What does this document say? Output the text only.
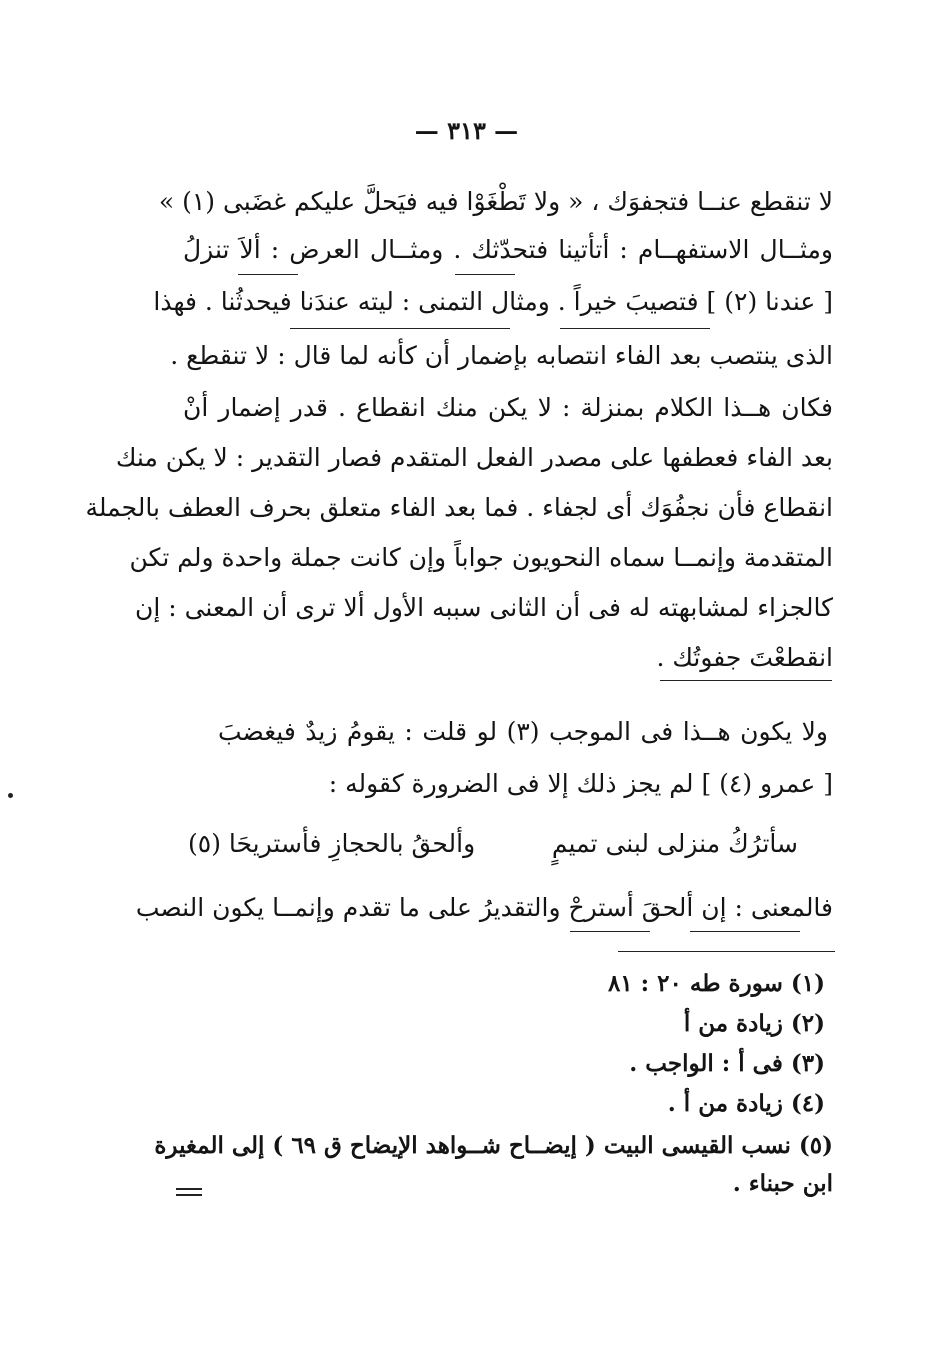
— ٣١٣ —
لا تنقطع عنــا فتجفوَك ، « ولا تَطْغَوْا فيه فيَحلَّ عليكم غضَبى (١) »
ومثــال الاستفهــام : أتأتينا فتحدّثك . ومثــال العرض : ألاَ تنزلُ
[ عندنا (٢) ] فتصيبَ خيراً . ومثال التمنى : ليته عندَنا فيحدثُنا . فهذا
الذى ينتصب بعد الفاء انتصابه بإضمار أن كأنه لما قال : لا تنقطع .
فكان هــذا الكلام بمنزلة : لا يكن منك انقطاع . قدر إضمار أنْ
بعد الفاء فعطفها على مصدر الفعل المتقدم فصار التقدير : لا يكن منك
انقطاع فأن نجفُوَك أى لجفاء . فما بعد الفاء متعلق بحرف العطف بالجملة
المتقدمة وإنمــا سماه النحويون جواباً وإن كانت جملة واحدة ولم تكن
كالجزاء لمشابهته له فى أن الثانى سببه الأول ألا ترى أن المعنى : إن
انقطعْتَ جفوتُك .
ولا يكون هــذا فى الموجب (٣) لو قلت : يقومُ زيدٌ فيغضبَ
[ عمرو (٤) ] لم يجز ذلك إلا فى الضرورة كقوله :
سأترُكُ منزلى لبنى تميمٍ
وألحقُ بالحجازِ فأستريحَا (٥)
فالمعنى : إن ألحقَ أسترحْ والتقديرُ على ما تقدم وإنمــا يكون النصب
(١) سورة طه ٢٠ : ٨١
(٢) زيادة من أ
(٣) فى أ : الواجب .
(٤) زيادة من أ .
(٥) نسب القيسى البيت ( إيضــاح شــواهد الإيضاح ق ٦٩ ) إلى المغيرة
ابن حبناء .
